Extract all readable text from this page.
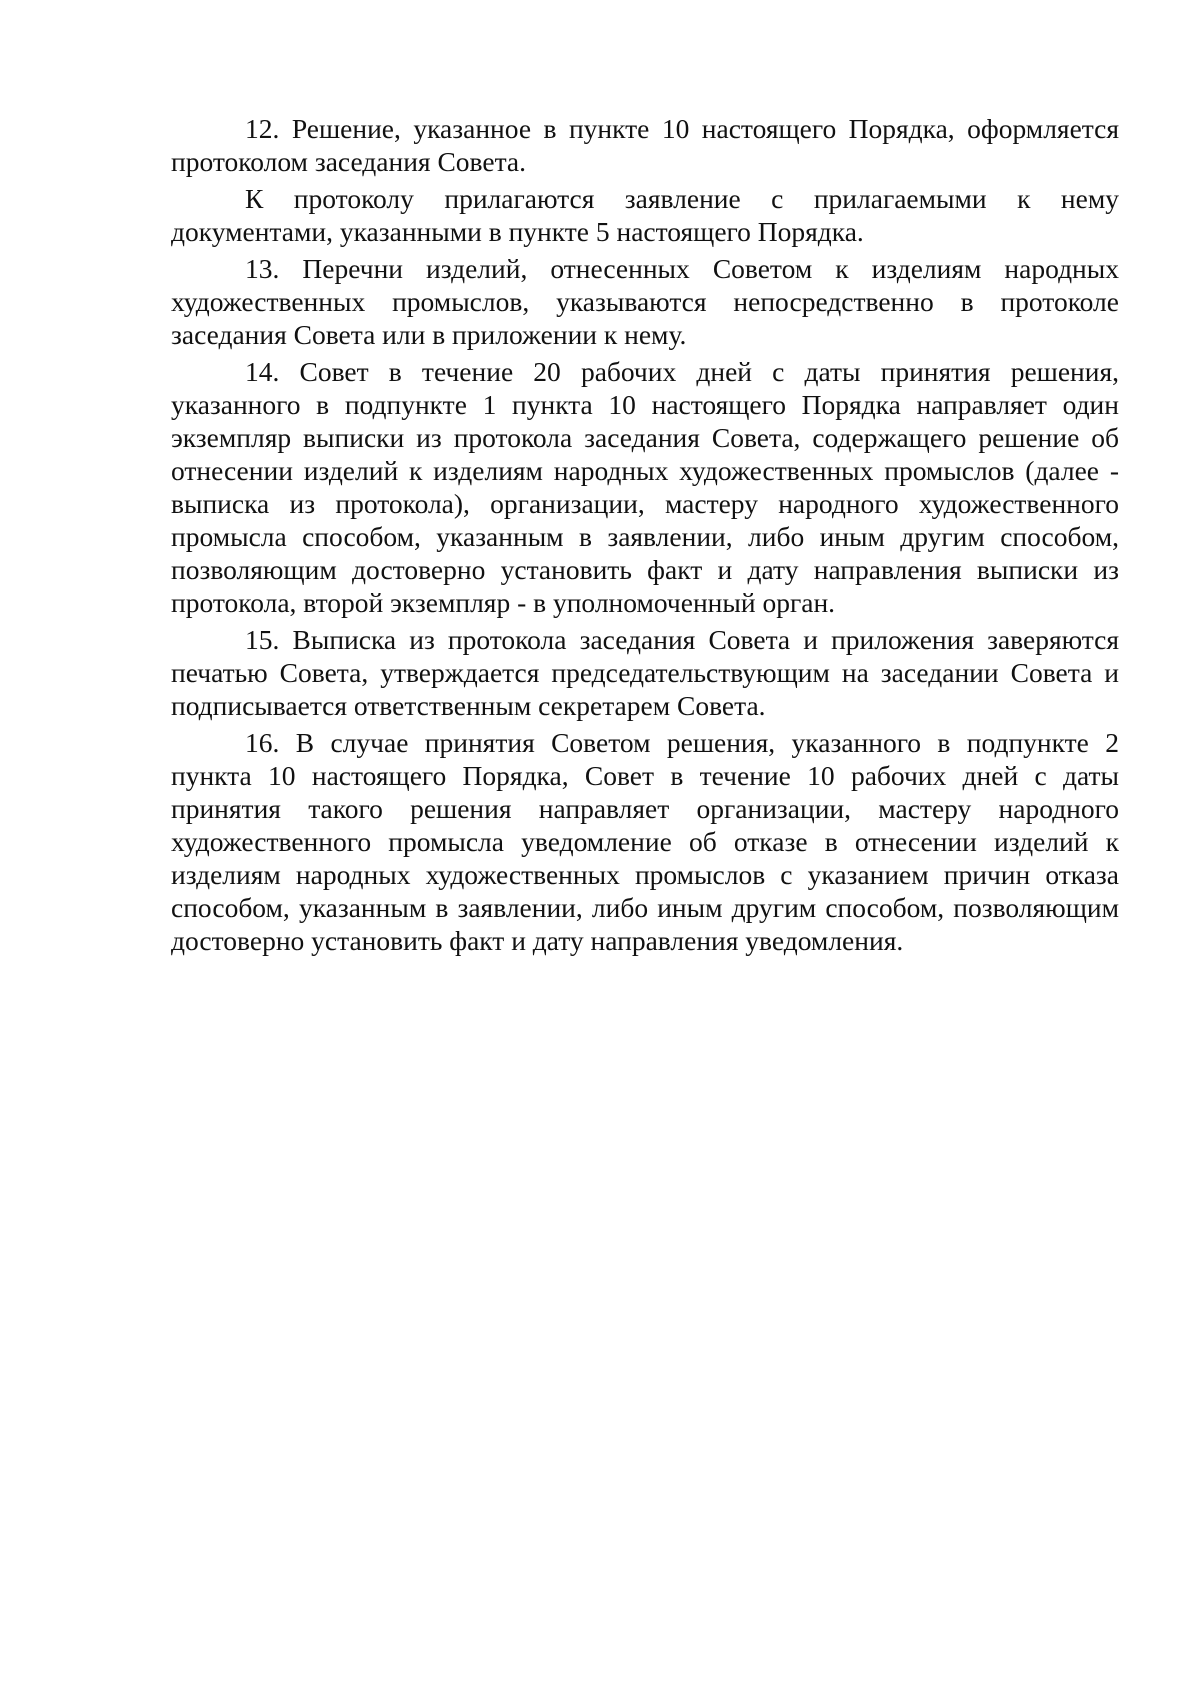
12. Решение, указанное в пункте 10 настоящего Порядка, оформляется протоколом заседания Совета.

К протоколу прилагаются заявление с прилагаемыми к нему документами, указанными в пункте 5 настоящего Порядка.

13. Перечни изделий, отнесенных Советом к изделиям народных художественных промыслов, указываются непосредственно в протоколе заседания Совета или в приложении к нему.

14. Совет в течение 20 рабочих дней с даты принятия решения, указанного в подпункте 1 пункта 10 настоящего Порядка направляет один экземпляр выписки из протокола заседания Совета, содержащего решение об отнесении изделий к изделиям народных художественных промыслов (далее - выписка из протокола), организации, мастеру народного художественного промысла способом, указанным в заявлении, либо иным другим способом, позволяющим достоверно установить факт и дату направления выписки из протокола, второй экземпляр - в уполномоченный орган.

15. Выписка из протокола заседания Совета и приложения заверяются печатью Совета, утверждается председательствующим на заседании Совета и подписывается ответственным секретарем Совета.

16. В случае принятия Советом решения, указанного в подпункте 2 пункта 10 настоящего Порядка, Совет в течение 10 рабочих дней с даты принятия такого решения направляет организации, мастеру народного художественного промысла уведомление об отказе в отнесении изделий к изделиям народных художественных промыслов с указанием причин отказа способом, указанным в заявлении, либо иным другим способом, позволяющим достоверно установить факт и дату направления уведомления.
